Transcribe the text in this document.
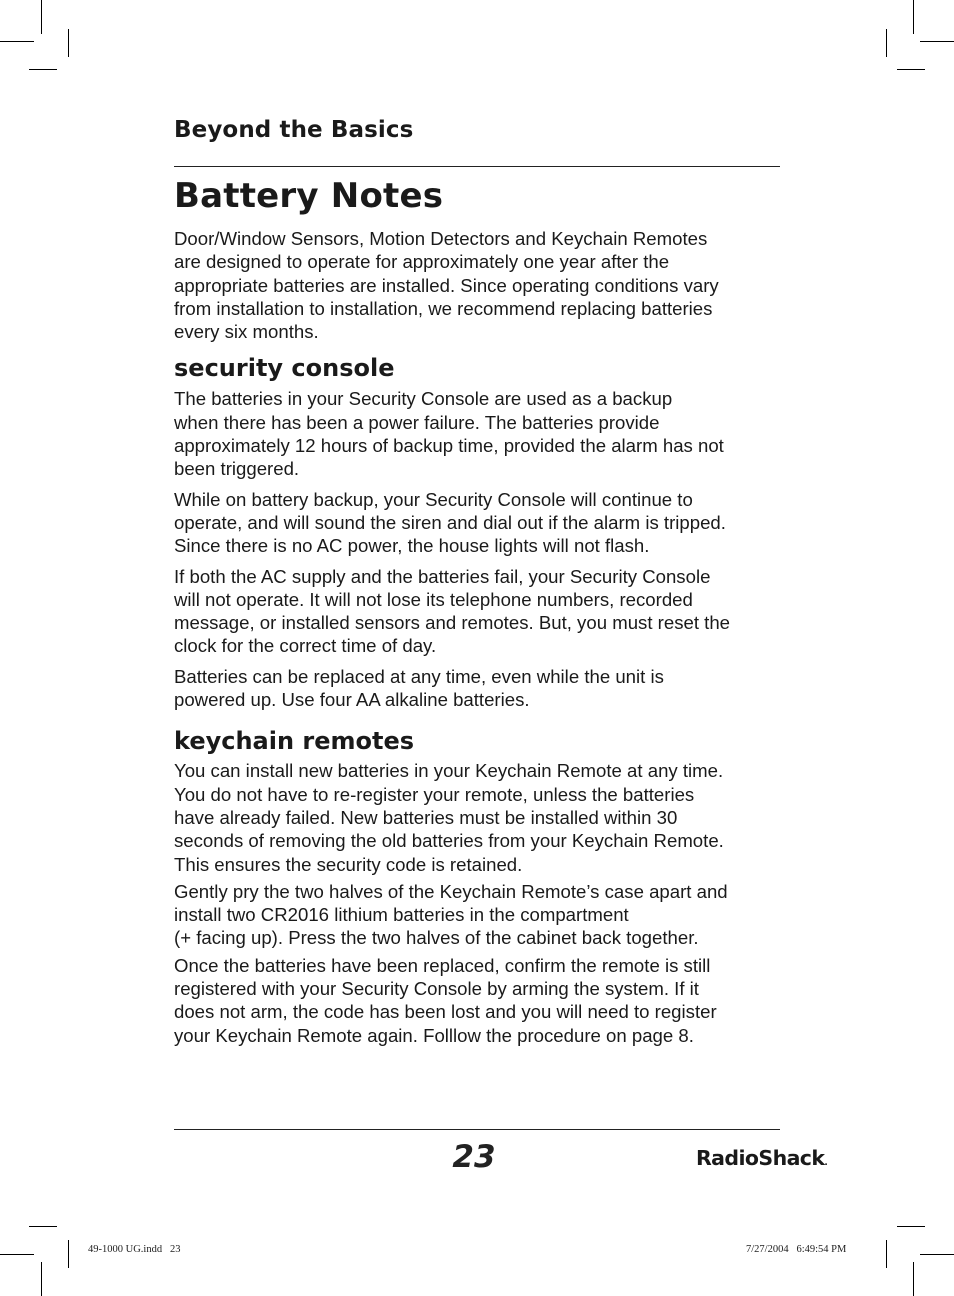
Beyond the Basics
Battery Notes

Door/Window Sensors, Motion Detectors and Keychain Remotes
are designed to operate for approximately one year after the
appropriate batteries are installed. Since operating conditions vary
from installation to installation, we recommend replacing batteries
every six months.

security console

The batteries in your Security Console are used as a backup
when there has been a power failure. The batteries provide
approximately 12 hours of backup time, provided the alarm has not
been triggered.

While on battery backup, your Security Console will continue to
operate, and will sound the siren and dial out if the alarm is tripped.
Since there is no AC power, the house lights will not flash.

If both the AC supply and the batteries fail, your Security Console
will not operate. It will not lose its telephone numbers, recorded
message, or installed sensors and remotes. But, you must reset the
clock for the correct time of day.

Batteries can be replaced at any time, even while the unit is
powered up. Use four AA alkaline batteries.

keychain remotes

You can install new batteries in your Keychain Remote at any time.
You do not have to re-register your remote, unless the batteries
have already failed. New batteries must be installed within 30
seconds of removing the old batteries from your Keychain Remote.
This ensures the security code is retained.

Gently pry the two halves of the Keychain Remote’s case apart and
install two CR2016 lithium batteries in the compartment
(+ facing up). Press the two halves of the cabinet back together.

Once the batteries have been replaced, confirm the remote is still
registered with your Security Console by arming the system. If it
does not arm, the code has been lost and you will need to register
your Keychain Remote again. Folllow the procedure on page 8.

23	RadioShack.
49-1000 UG.indd   23	7/27/2004   6:49:54 PM
